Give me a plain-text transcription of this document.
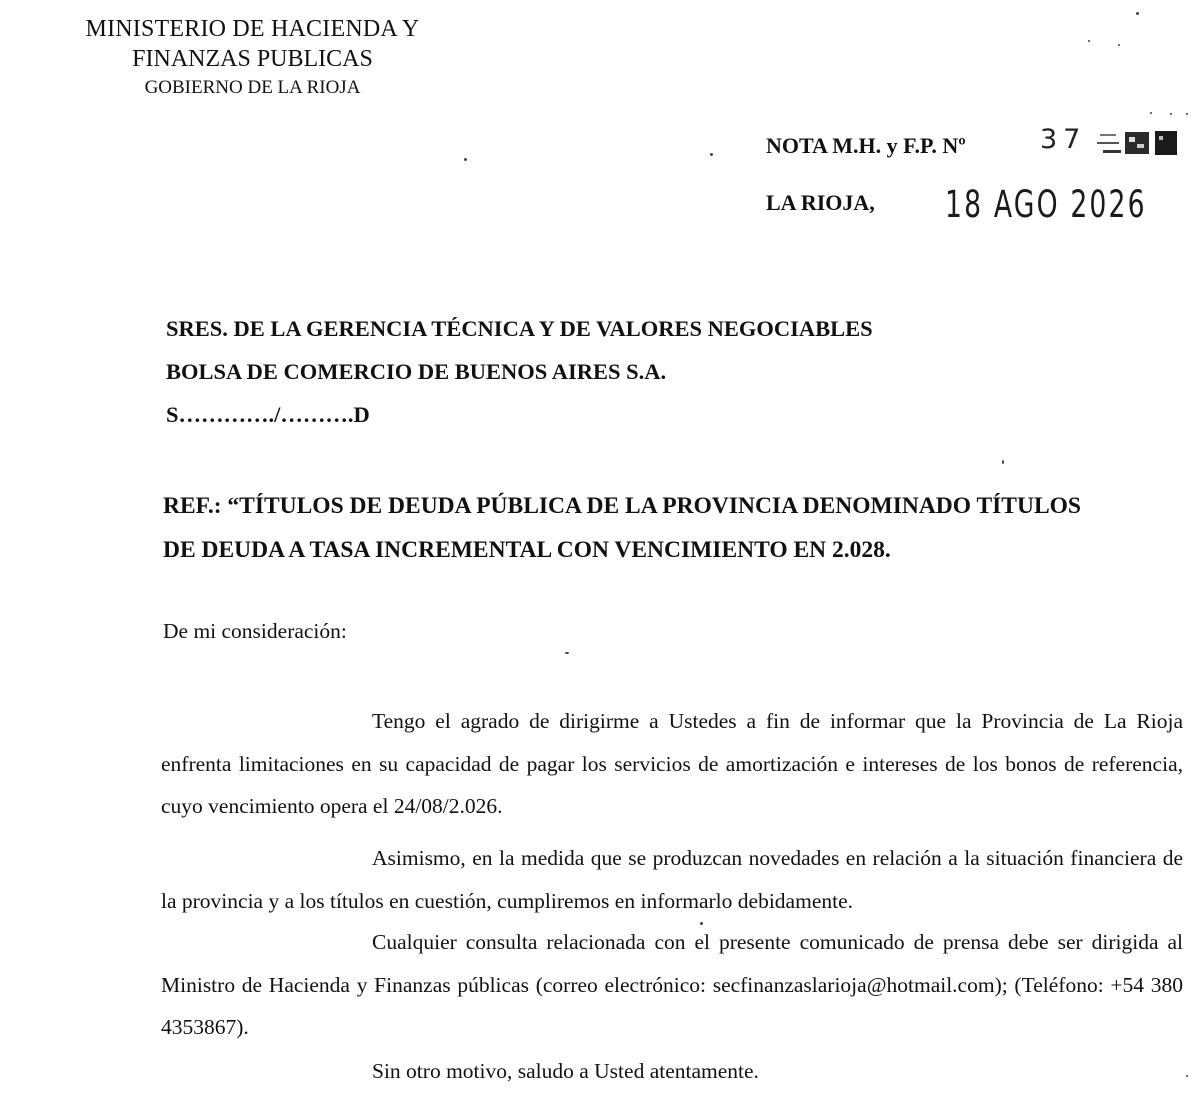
MINISTERIO DE HACIENDA Y
FINANZAS PUBLICAS
GOBIERNO DE LA RIOJA
NOTA M.H. y F.P. Nº	37
LA RIOJA, 18 AGO 2026
SRES. DE LA GERENCIA TÉCNICA Y DE VALORES NEGOCIABLES
BOLSA DE COMERCIO DE BUENOS AIRES S.A.
S…………./……….D
REF.: “TÍTULOS DE DEUDA PÚBLICA DE LA PROVINCIA DENOMINADO TÍTULOS
DE DEUDA A TASA INCREMENTAL CON VENCIMIENTO EN 2.028.
De mi consideración:
Tengo el agrado de dirigirme a Ustedes a fin de informar que la Provincia de La Rioja enfrenta limitaciones en su capacidad de pagar los servicios de amortización e intereses de los bonos de referencia, cuyo vencimiento opera el 24/08/2.026.
Asimismo, en la medida que se produzcan novedades en relación a la situación financiera de la provincia y a los títulos en cuestión, cumpliremos en informarlo debidamente.
Cualquier consulta relacionada con el presente comunicado de prensa debe ser dirigida al Ministro de Hacienda y Finanzas públicas (correo electrónico: secfinanzaslarioja@hotmail.com); (Teléfono: +54 380 4353867).
Sin otro motivo, saludo a Usted atentamente.
